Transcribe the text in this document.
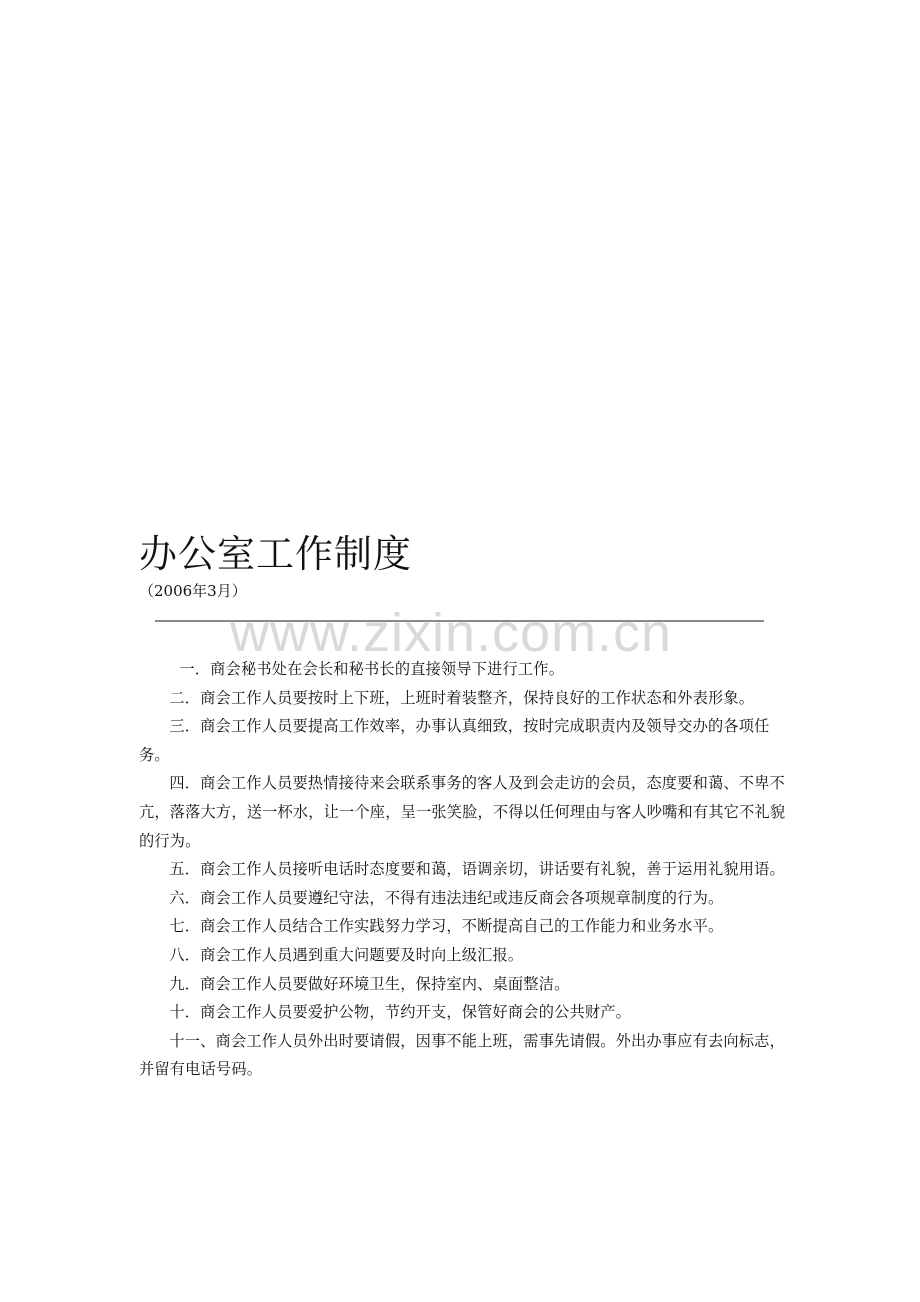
办公室工作制度
（2006年3月）
www.zixin.com.cn

一．商会秘书处在会长和秘书长的直接领导下进行工作。

二．商会工作人员要按时上下班，上班时着装整齐，保持良好的工作状态和外表形象。

三．商会工作人员要提高工作效率，办事认真细致，按时完成职责内及领导交办的各项任务。

四．商会工作人员要热情接待来会联系事务的客人及到会走访的会员，态度要和蔼、不卑不亢，落落大方，送一杯水，让一个座，呈一张笑脸，不得以任何理由与客人吵嘴和有其它不礼貌的行为。

五．商会工作人员接听电话时态度要和蔼，语调亲切，讲话要有礼貌，善于运用礼貌用语。

六．商会工作人员要遵纪守法，不得有违法违纪或违反商会各项规章制度的行为。

七．商会工作人员结合工作实践努力学习，不断提高自己的工作能力和业务水平。

八．商会工作人员遇到重大问题要及时向上级汇报。

九．商会工作人员要做好环境卫生，保持室内、桌面整洁。

十．商会工作人员要爱护公物，节约开支，保管好商会的公共财产。

十一、商会工作人员外出时要请假，因事不能上班，需事先请假。外出办事应有去向标志，并留有电话号码。
